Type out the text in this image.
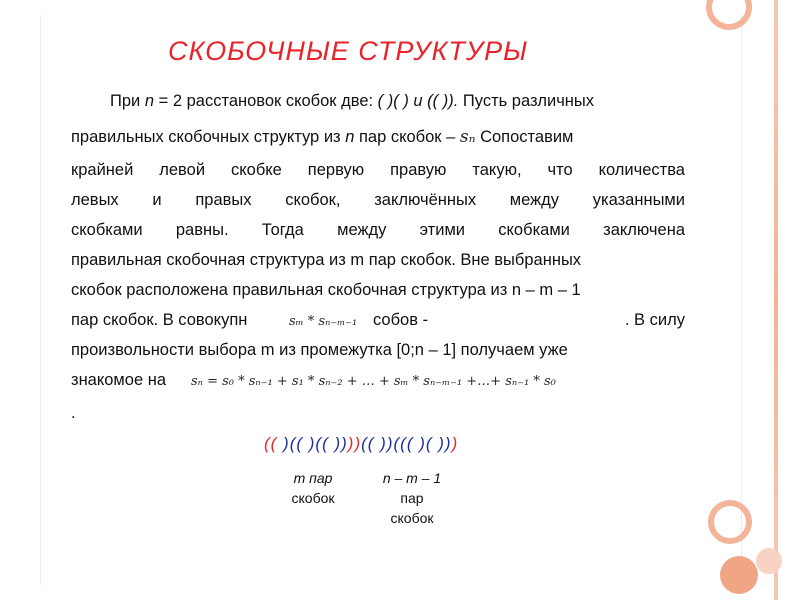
СКОБОЧНЫЕ СТРУКТУРЫ
При n = 2 расстановок скобок две: ( )( ) и (( )). Пусть различных
правильных скобочных структур из n пар скобок – sₙ Сопоставим
крайней левой скобке первую правую такую, что количества
левых и правых скобок, заключённых между указанными
скобками равны. Тогда между этими скобками заключена
правильная скобочная структура из m пар скобок. Вне выбранных
скобок расположена правильная скобочная структура из n – m – 1
пар скобок. В совокупн	sₘ * sₙ₋ₘ₋₁ собов -	. В силу
произвольности выбора m из промежутка [0;n – 1] получаем уже
знакомое на sₙ = s₀ * sₙ₋₁ + s₁ * sₙ₋₂ + … + sₘ * sₙ₋ₘ₋₁ +…+ sₙ₋₁ * s₀
.
(( )(( )(( ))))(( ))((( )( )))
m пар
скобок
n – m – 1
пар
скобок
